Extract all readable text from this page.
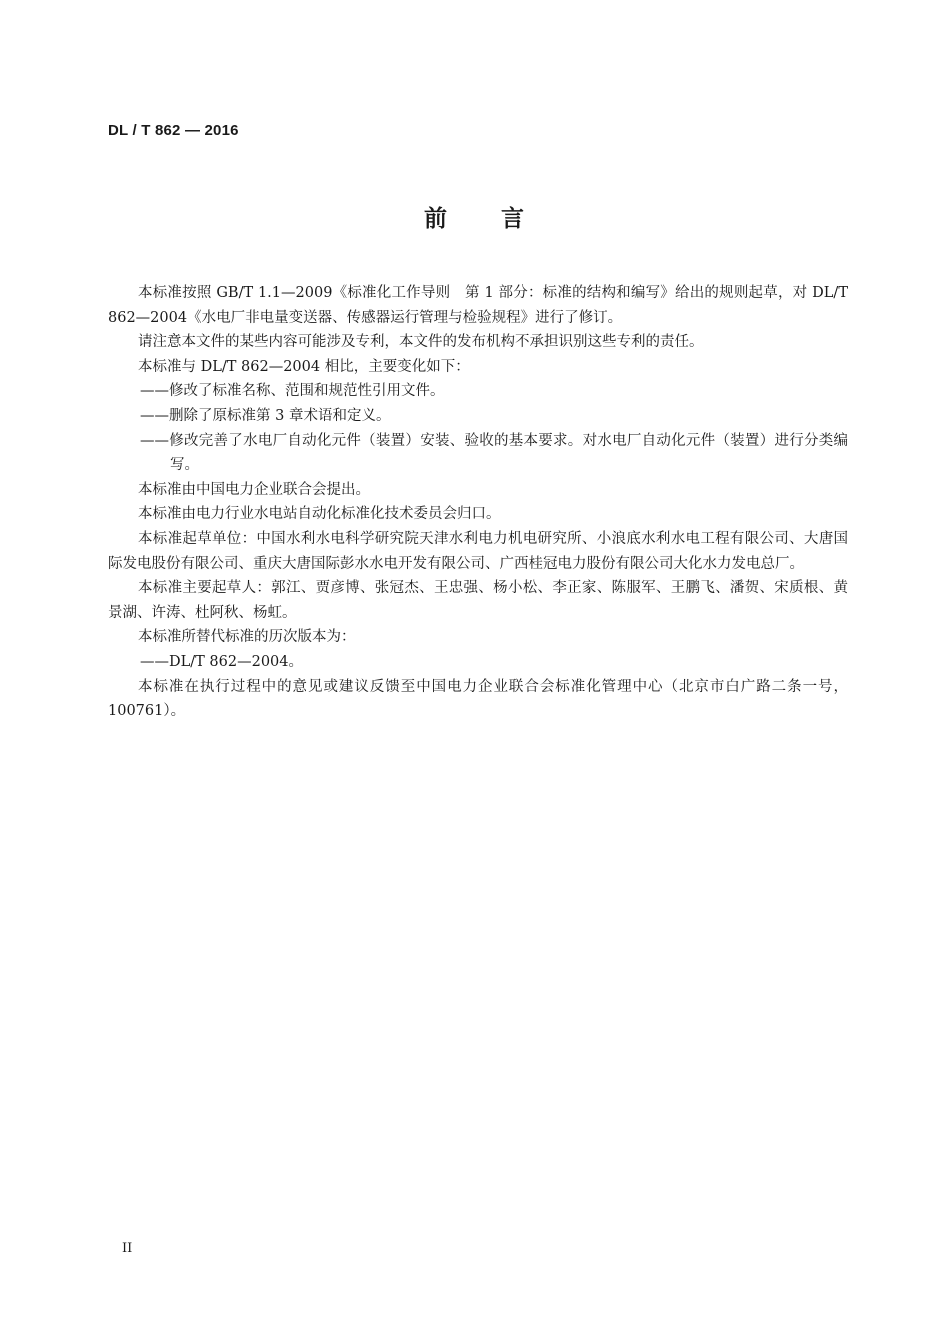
DL / T 862 — 2016
前 言

本标准按照 GB/T 1.1—2009《标准化工作导则　第 1 部分：标准的结构和编写》给出的规则起草，对 DL/T 862—2004《水电厂非电量变送器、传感器运行管理与检验规程》进行了修订。

请注意本文件的某些内容可能涉及专利，本文件的发布机构不承担识别这些专利的责任。

本标准与 DL/T 862—2004 相比，主要变化如下：

——修改了标准名称、范围和规范性引用文件。

——删除了原标准第 3 章术语和定义。

——修改完善了水电厂自动化元件（装置）安装、验收的基本要求。对水电厂自动化元件（装置）进行分类编写。

本标准由中国电力企业联合会提出。

本标准由电力行业水电站自动化标准化技术委员会归口。

本标准起草单位：中国水利水电科学研究院天津水利电力机电研究所、小浪底水利水电工程有限公司、大唐国际发电股份有限公司、重庆大唐国际彭水水电开发有限公司、广西桂冠电力股份有限公司大化水力发电总厂。

本标准主要起草人：郭江、贾彦博、张冠杰、王忠强、杨小松、李正家、陈服军、王鹏飞、潘贺、宋质根、黄景湖、许涛、杜阿秋、杨虹。

本标准所替代标准的历次版本为：

——DL/T 862—2004。

本标准在执行过程中的意见或建议反馈至中国电力企业联合会标准化管理中心（北京市白广路二条一号，100761）。

II
